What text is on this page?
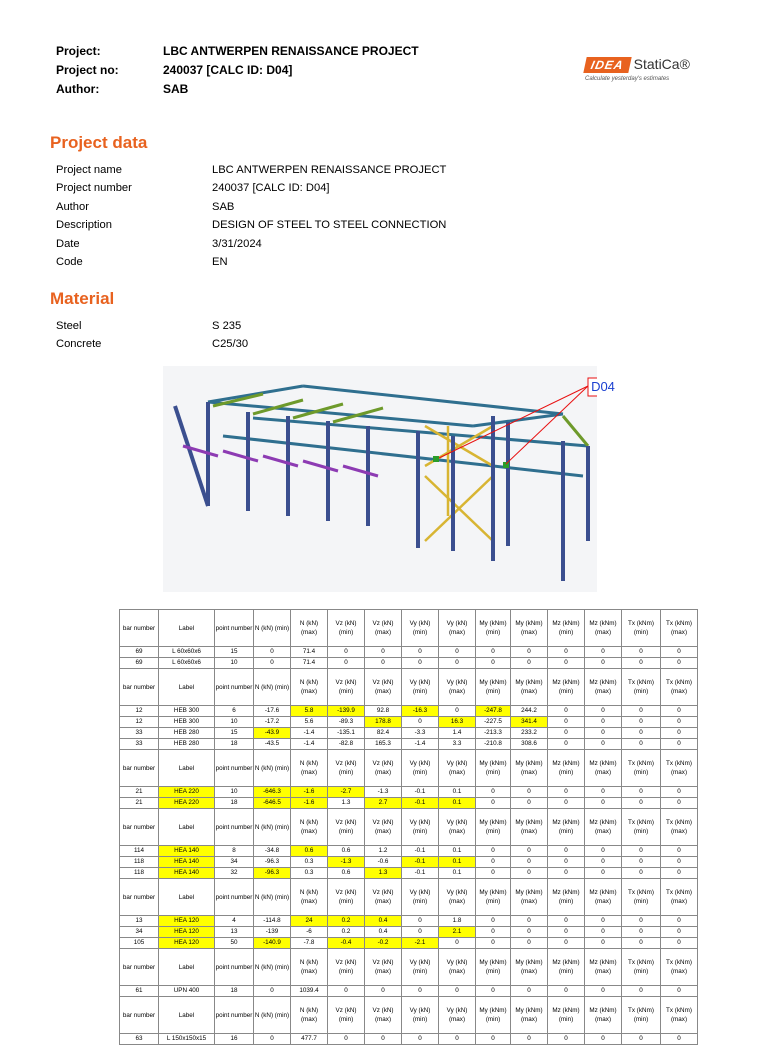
Project:	LBC ANTWERPEN RENAISSANCE PROJECT
Project no:	240037 [CALC ID: D04]
Author:	SAB
IDEA StatiCa®
Calculate yesterday's estimates
Project data
Project name	LBC ANTWERPEN RENAISSANCE PROJECT
Project number	240037 [CALC ID: D04]
Author	SAB
Description	DESIGN OF STEEL TO STEEL CONNECTION
Date	3/31/2024
Code	EN
Material
Steel	S 235
Concrete	C25/30
D04
bar number	Label	point number	N (kN) (min)	N (kN) (max)	Vz (kN) (min)	Vz (kN) (max)	Vy (kN) (min)	Vy (kN) (max)	My (kNm) (min)	My (kNm) (max)	Mz (kNm) (min)	Mz (kNm) (max)	Tx (kNm) (min)	Tx (kNm) (max)
69	L 60x60x6	15	0	71.4	0	0	0	0	0	0	0	0	0	0
69	L 60x60x6	10	0	71.4	0	0	0	0	0	0	0	0	0	0
bar number	Label	point number	N (kN) (min)	N (kN) (max)	Vz (kN) (min)	Vz (kN) (max)	Vy (kN) (min)	Vy (kN) (max)	My (kNm) (min)	My (kNm) (max)	Mz (kNm) (min)	Mz (kNm) (max)	Tx (kNm) (min)	Tx (kNm) (max)
12	HEB 300	6	-17.6	5.8	-139.9	92.8	-16.3	0	-247.8	244.2	0	0	0	0
12	HEB 300	10	-17.2	5.6	-89.3	178.8	0	16.3	-227.5	341.4	0	0	0	0
33	HEB 280	15	-43.9	-1.4	-135.1	82.4	-3.3	1.4	-213.3	233.2	0	0	0	0
33	HEB 280	18	-43.5	-1.4	-82.8	165.3	-1.4	3.3	-210.8	308.6	0	0	0	0
bar number	Label	point number	N (kN) (min)	N (kN) (max)	Vz (kN) (min)	Vz (kN) (max)	Vy (kN) (min)	Vy (kN) (max)	My (kNm) (min)	My (kNm) (max)	Mz (kNm) (min)	Mz (kNm) (max)	Tx (kNm) (min)	Tx (kNm) (max)
21	HEA 220	10	-646.3	-1.6	-2.7	-1.3	-0.1	0.1	0	0	0	0	0	0
21	HEA 220	18	-646.5	-1.6	1.3	2.7	-0.1	0.1	0	0	0	0	0	0
bar number	Label	point number	N (kN) (min)	N (kN) (max)	Vz (kN) (min)	Vz (kN) (max)	Vy (kN) (min)	Vy (kN) (max)	My (kNm) (min)	My (kNm) (max)	Mz (kNm) (min)	Mz (kNm) (max)	Tx (kNm) (min)	Tx (kNm) (max)
114	HEA 140	8	-34.8	0.6	0.6	1.2	-0.1	0.1	0	0	0	0	0	0
118	HEA 140	34	-96.3	0.3	-1.3	-0.6	-0.1	0.1	0	0	0	0	0	0
118	HEA 140	32	-96.3	0.3	0.6	1.3	-0.1	0.1	0	0	0	0	0	0
bar number	Label	point number	N (kN) (min)	N (kN) (max)	Vz (kN) (min)	Vz (kN) (max)	Vy (kN) (min)	Vy (kN) (max)	My (kNm) (min)	My (kNm) (max)	Mz (kNm) (min)	Mz (kNm) (max)	Tx (kNm) (min)	Tx (kNm) (max)
13	HEA 120	4	-114.8	24	0.2	0.4	0	1.8	0	0	0	0	0	0
34	HEA 120	13	-139	-6	0.2	0.4	0	2.1	0	0	0	0	0	0
105	HEA 120	50	-140.9	-7.8	-0.4	-0.2	-2.1	0	0	0	0	0	0	0
bar number	Label	point number	N (kN) (min)	N (kN) (max)	Vz (kN) (min)	Vz (kN) (max)	Vy (kN) (min)	Vy (kN) (max)	My (kNm) (min)	My (kNm) (max)	Mz (kNm) (min)	Mz (kNm) (max)	Tx (kNm) (min)	Tx (kNm) (max)
61	UPN 400	18	0	1039.4	0	0	0	0	0	0	0	0	0	0
bar number	Label	point number	N (kN) (min)	N (kN) (max)	Vz (kN) (min)	Vz (kN) (max)	Vy (kN) (min)	Vy (kN) (max)	My (kNm) (min)	My (kNm) (max)	Mz (kNm) (min)	Mz (kNm) (max)	Tx (kNm) (min)	Tx (kNm) (max)
63	L 150x150x15	16	0	477.7	0	0	0	0	0	0	0	0	0	0
